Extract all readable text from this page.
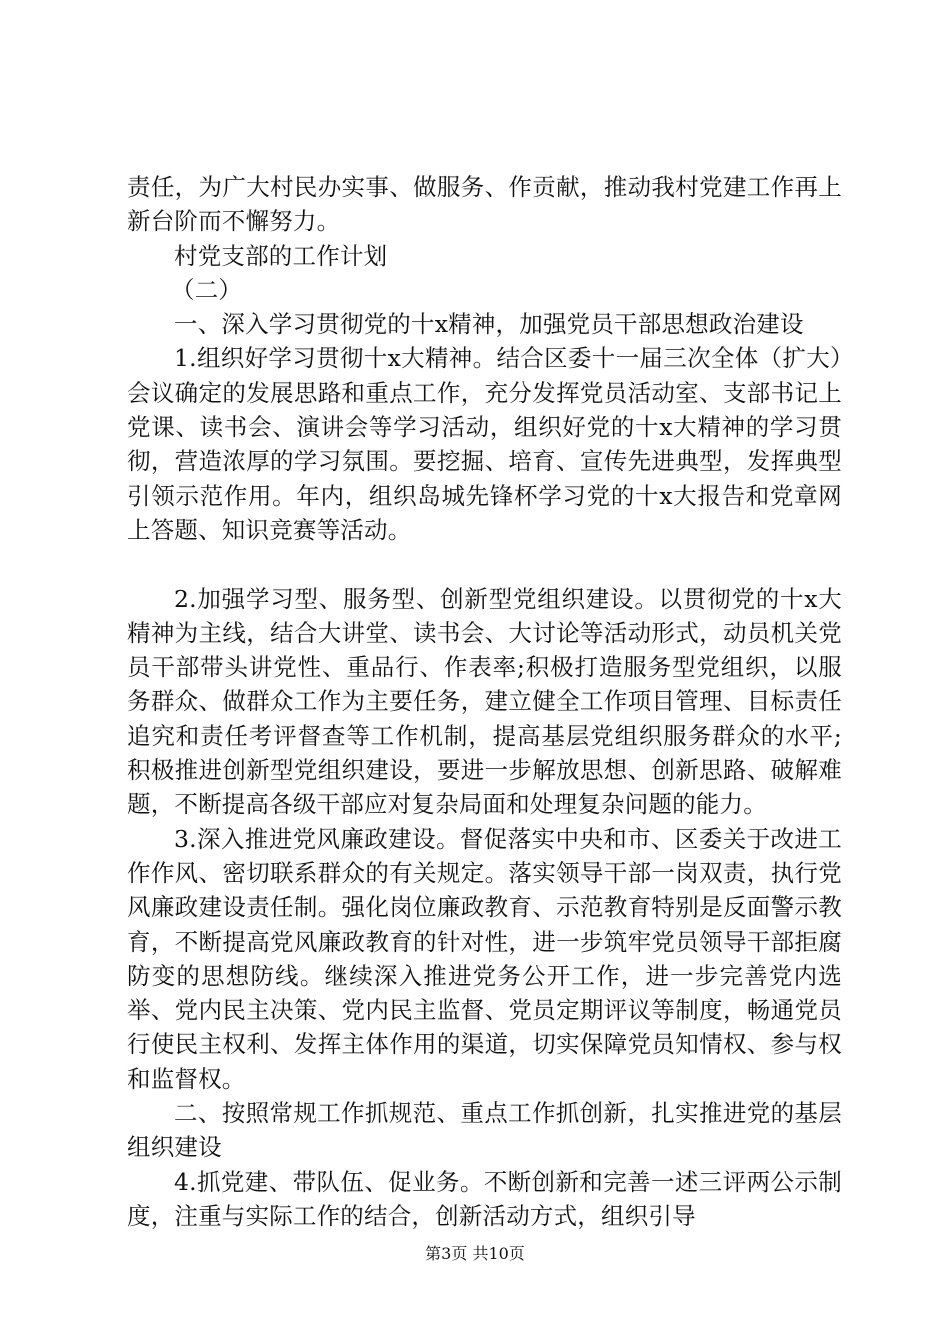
责任，为广大村民办实事、做服务、作贡献，推动我村党建工作再上新台阶而不懈努力。

村党支部的工作计划

（二）

一、深入学习贯彻党的十x精神，加强党员干部思想政治建设

1.组织好学习贯彻十x大精神。结合区委十一届三次全体（扩大）会议确定的发展思路和重点工作，充分发挥党员活动室、支部书记上党课、读书会、演讲会等学习活动，组织好党的十x大精神的学习贯彻，营造浓厚的学习氛围。要挖掘、培育、宣传先进典型，发挥典型引领示范作用。年内，组织岛城先锋杯学习党的十x大报告和党章网上答题、知识竞赛等活动。

2.加强学习型、服务型、创新型党组织建设。以贯彻党的十x大精神为主线，结合大讲堂、读书会、大讨论等活动形式，动员机关党员干部带头讲党性、重品行、作表率;积极打造服务型党组织，以服务群众、做群众工作为主要任务，建立健全工作项目管理、目标责任追究和责任考评督查等工作机制，提高基层党组织服务群众的水平;积极推进创新型党组织建设，要进一步解放思想、创新思路、破解难题，不断提高各级干部应对复杂局面和处理复杂问题的能力。

3.深入推进党风廉政建设。督促落实中央和市、区委关于改进工作作风、密切联系群众的有关规定。落实领导干部一岗双责，执行党风廉政建设责任制。强化岗位廉政教育、示范教育特别是反面警示教育，不断提高党风廉政教育的针对性，进一步筑牢党员领导干部拒腐防变的思想防线。继续深入推进党务公开工作，进一步完善党内选举、党内民主决策、党内民主监督、党员定期评议等制度，畅通党员行使民主权利、发挥主体作用的渠道，切实保障党员知情权、参与权和监督权。

二、按照常规工作抓规范、重点工作抓创新，扎实推进党的基层组织建设

4.抓党建、带队伍、促业务。不断创新和完善一述三评两公示制度，注重与实际工作的结合，创新活动方式，组织引导

第3页 共10页
